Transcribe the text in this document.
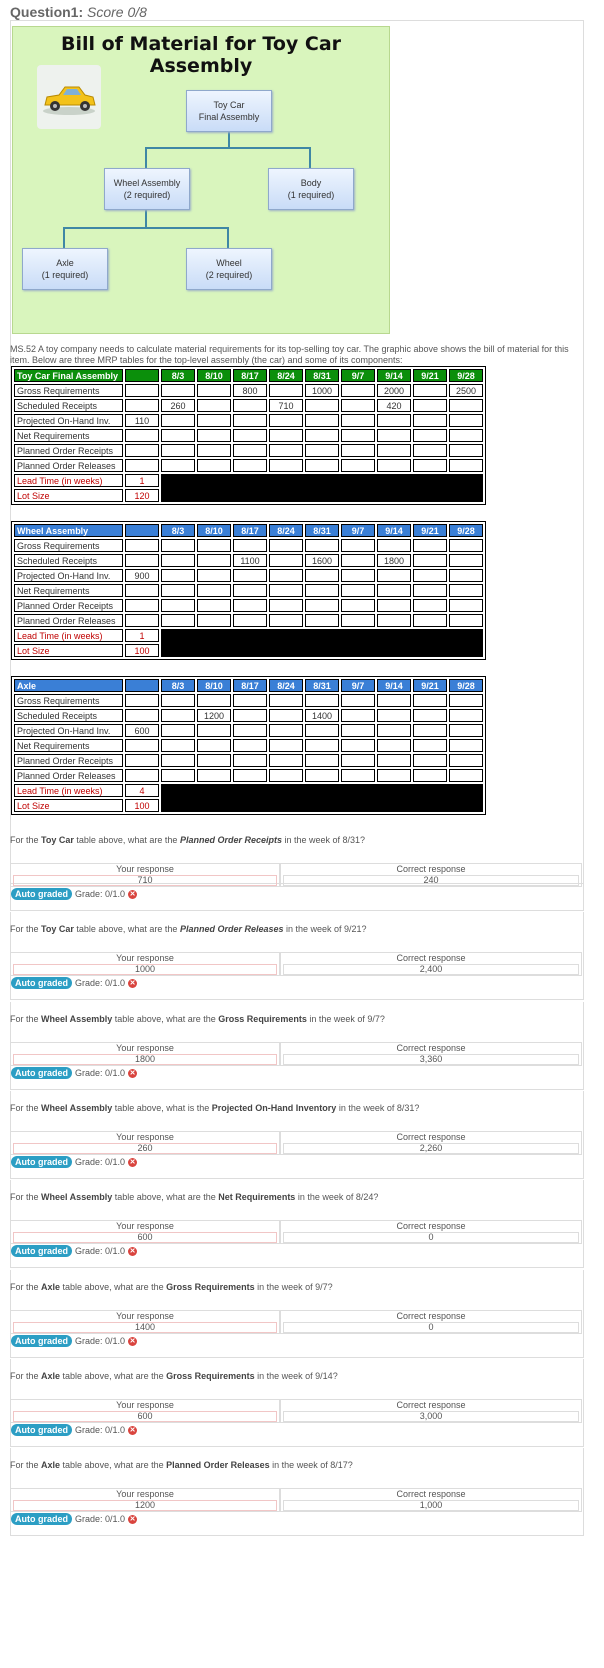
Question1: Score 0/8
Bill of Material for Toy Car Assembly
Toy Car
Final Assembly
Wheel Assembly
(2 required)
Body
(1 required)
Axle
(1 required)
Wheel
(2 required)
MS.52 A toy company needs to calculate material requirements for its top-selling toy car. The graphic above shows the bill of material for this item. Below are three MRP tables for the top-level assembly (the car) and some of its components:
Toy Car Final Assembly		8/3	8/10	8/17	8/24	8/31	9/7	9/14	9/21	9/28
Gross Requirements				800		1000		2000		2500
Scheduled Receipts		260			710			420		
Projected On-Hand Inv.	110									
Net Requirements										
Planned Order Receipts										
Planned Order Releases										
Lead Time (in weeks)	1									
Lot Size	120									
Wheel Assembly		8/3	8/10	8/17	8/24	8/31	9/7	9/14	9/21	9/28
Gross Requirements										
Scheduled Receipts				1100		1600		1800		
Projected On-Hand Inv.	900									
Net Requirements										
Planned Order Receipts										
Planned Order Releases										
Lead Time (in weeks)	1									
Lot Size	100									
Axle		8/3	8/10	8/17	8/24	8/31	9/7	9/14	9/21	9/28
Gross Requirements										
Scheduled Receipts			1200			1400				
Projected On-Hand Inv.	600									
Net Requirements										
Planned Order Receipts										
Planned Order Releases										
Lead Time (in weeks)	4									
Lot Size	100									
For the Toy Car table above, what are the Planned Order Receipts in the week of 8/31?
Your response
710
Correct response
240
Auto graded Grade: 0/1.0 ✕
For the Toy Car table above, what are the Planned Order Releases in the week of 9/21?
Your response
1000
Correct response
2,400
Auto graded Grade: 0/1.0 ✕
For the Wheel Assembly table above, what are the Gross Requirements in the week of 9/7?
Your response
1800
Correct response
3,360
Auto graded Grade: 0/1.0 ✕
For the Wheel Assembly table above, what is the Projected On-Hand Inventory in the week of 8/31?
Your response
260
Correct response
2,260
Auto graded Grade: 0/1.0 ✕
For the Wheel Assembly table above, what are the Net Requirements in the week of 8/24?
Your response
600
Correct response
0
Auto graded Grade: 0/1.0 ✕
For the Axle table above, what are the Gross Requirements in the week of 9/7?
Your response
1400
Correct response
0
Auto graded Grade: 0/1.0 ✕
For the Axle table above, what are the Gross Requirements in the week of 9/14?
Your response
600
Correct response
3,000
Auto graded Grade: 0/1.0 ✕
For the Axle table above, what are the Planned Order Releases in the week of 8/17?
Your response
1200
Correct response
1,000
Auto graded Grade: 0/1.0 ✕
